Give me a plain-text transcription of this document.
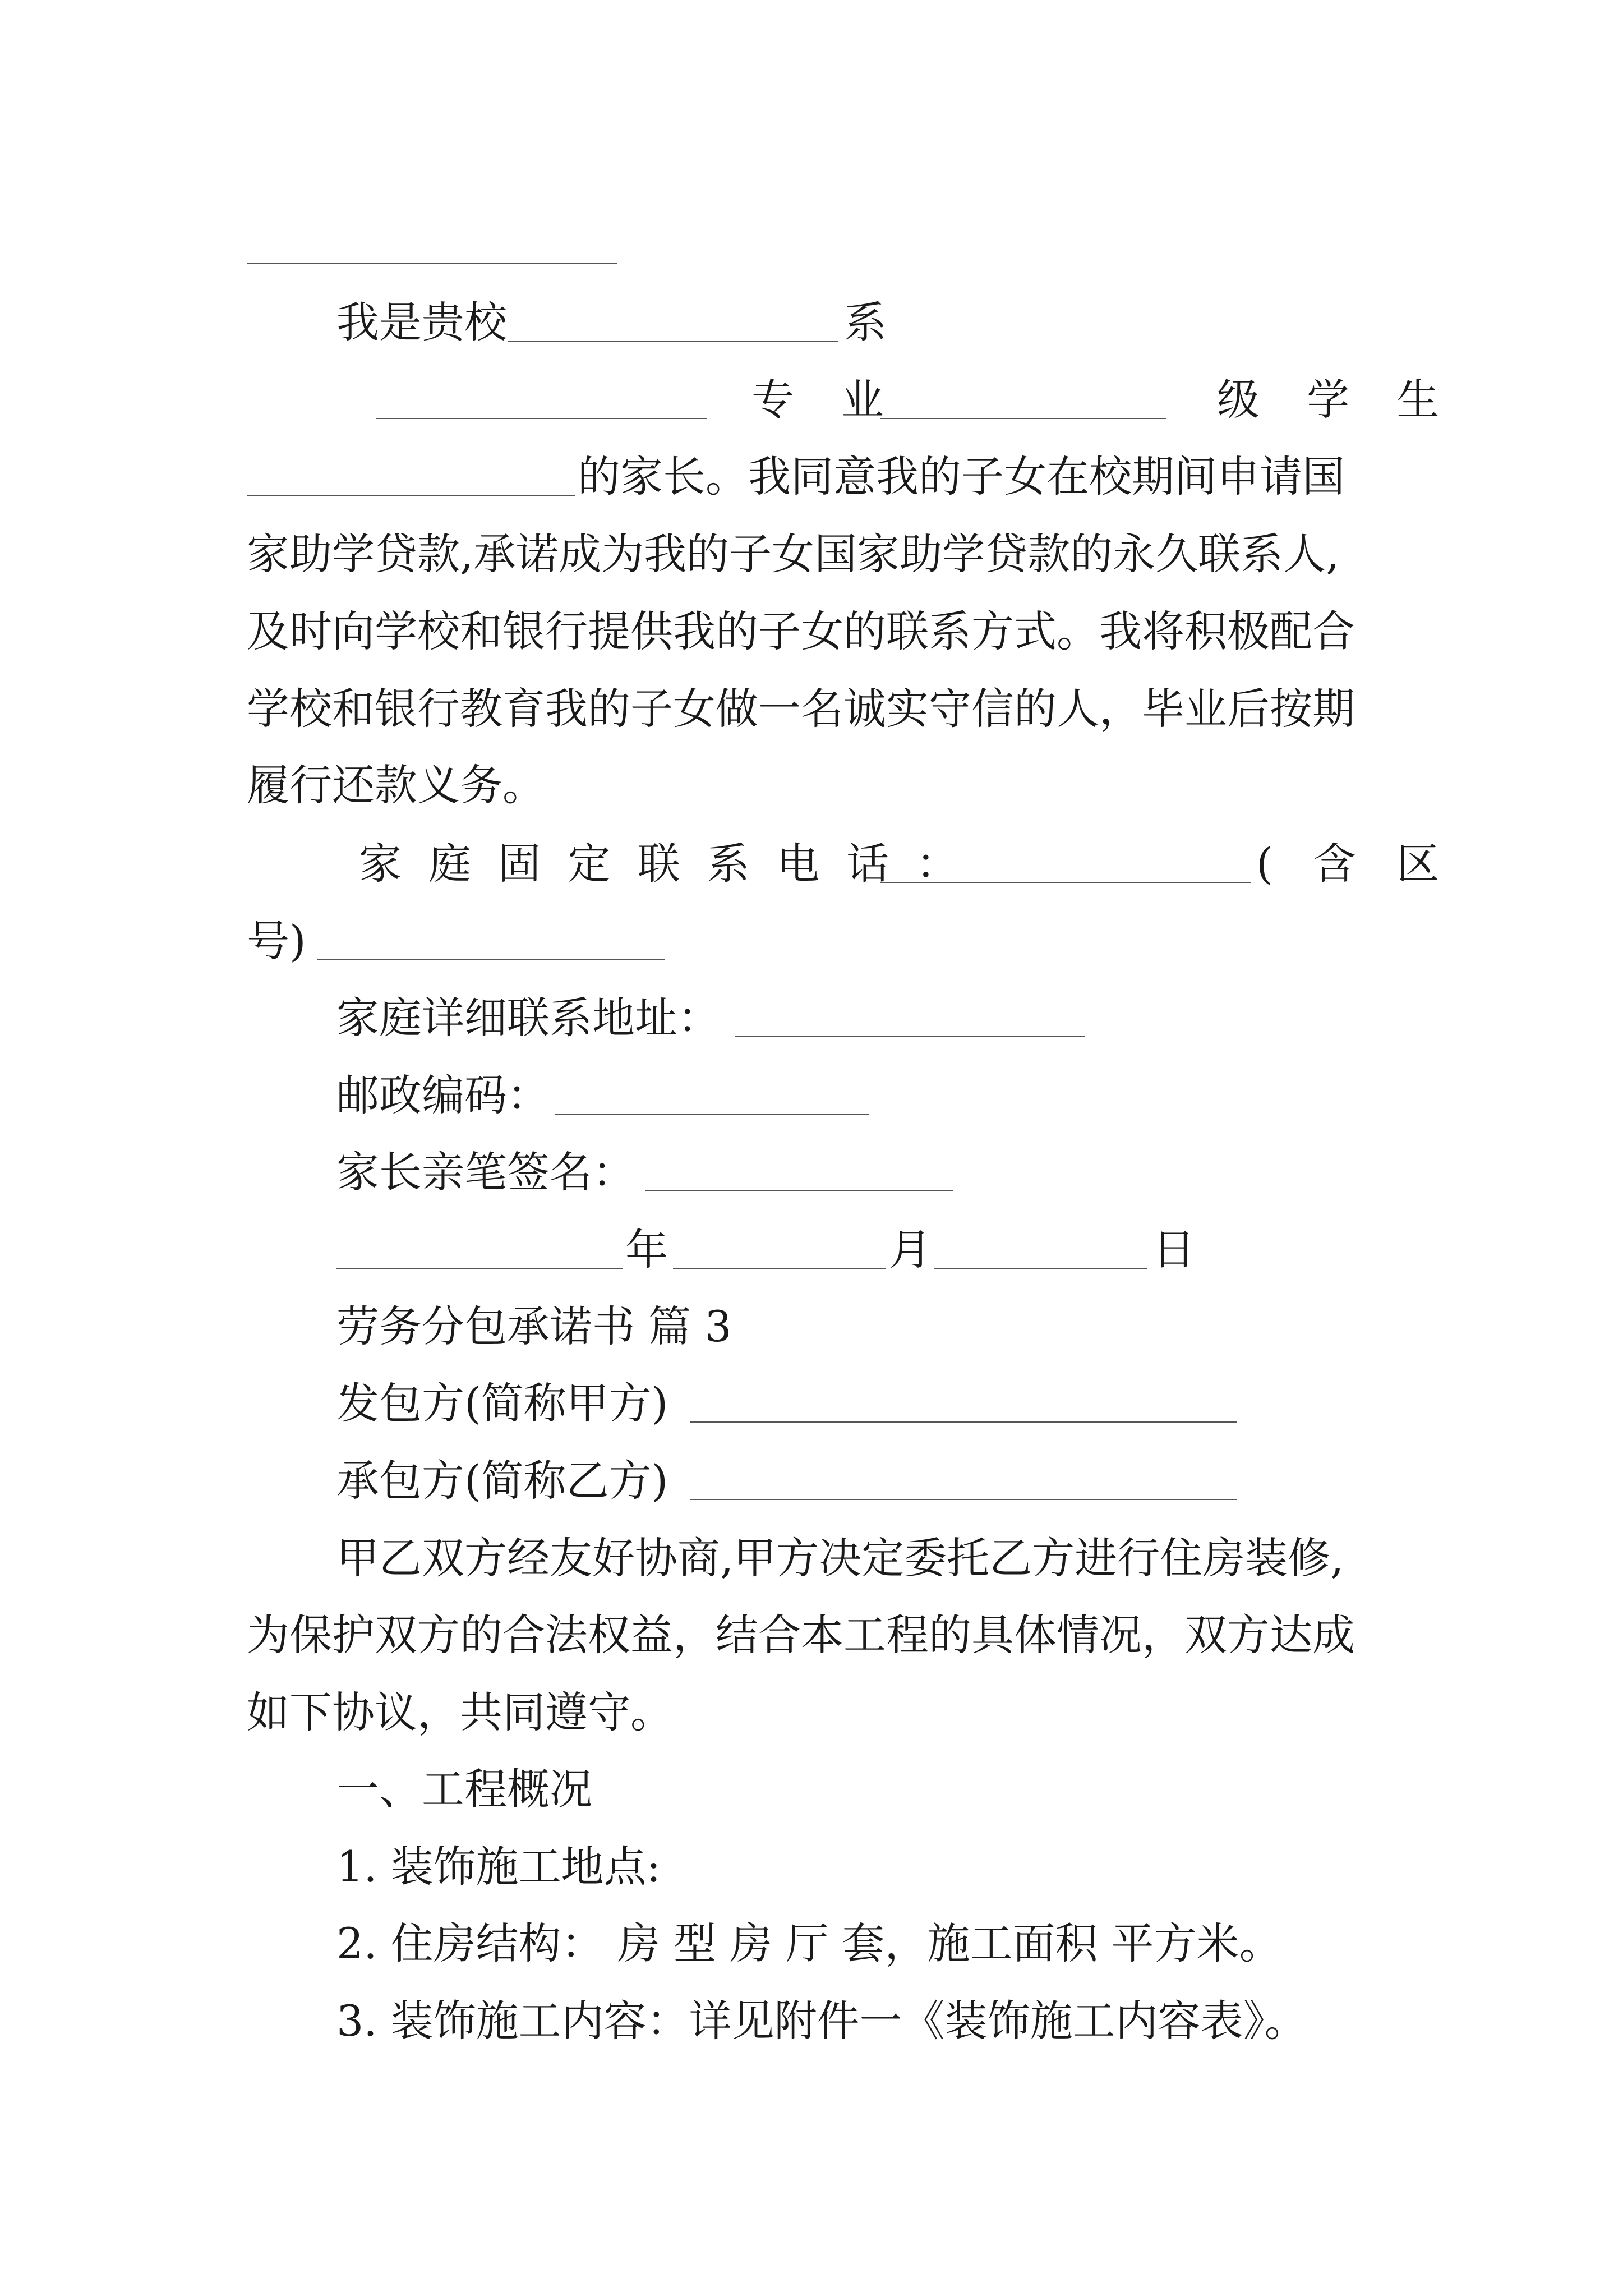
我是贵校	系
专 业	级 学 生
的家长。我同意我的子女在校期间申请国
家助学贷款,承诺成为我的子女国家助学贷款的永久联系人,
及时向学校和银行提供我的子女的联系方式。我将积极配合
学校和银行教育我的子女做一名诚实守信的人，毕业后按期
履行还款义务。
家 庭 固 定 联 系 电 话 ：	( 含 区
号)
家庭详细联系地址：
邮政编码：
家长亲笔签名：
年	月	日
劳务分包承诺书 篇 3
发包方(简称甲方)
承包方(简称乙方)
甲乙双方经友好协商,甲方决定委托乙方进行住房装修,
为保护双方的合法权益，结合本工程的具体情况，双方达成
如下协议，共同遵守。
一、工程概况
1. 装饰施工地点:
2. 住房结构： 房 型 房 厅 套，施工面积 平方米。
3. 装饰施工内容：详见附件一《装饰施工内容表》。
